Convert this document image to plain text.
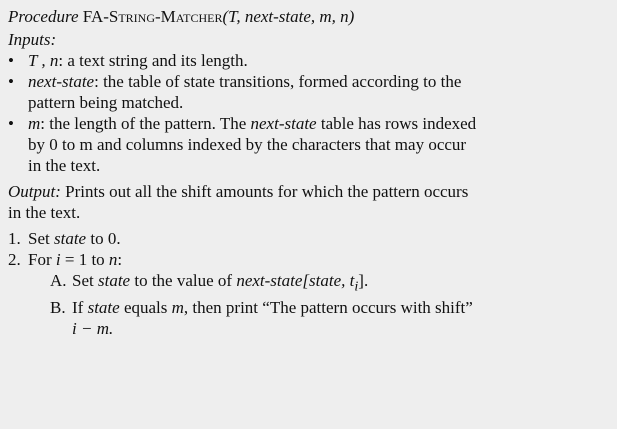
Procedure FA-String-Matcher(T, next-state, m, n)
Inputs:
• T , n: a text string and its length.
• next-state: the table of state transitions, formed according to the
pattern being matched.
• m: the length of the pattern. The next-state table has rows indexed
by 0 to m and columns indexed by the characters that may occur
in the text.
Output: Prints out all the shift amounts for which the pattern occurs
in the text.
1. Set state to 0.
2. For i = 1 to n:
A. Set state to the value of next-state[state, $t_i$].
B. If state equals m, then print “The pattern occurs with shift”
i − m.
